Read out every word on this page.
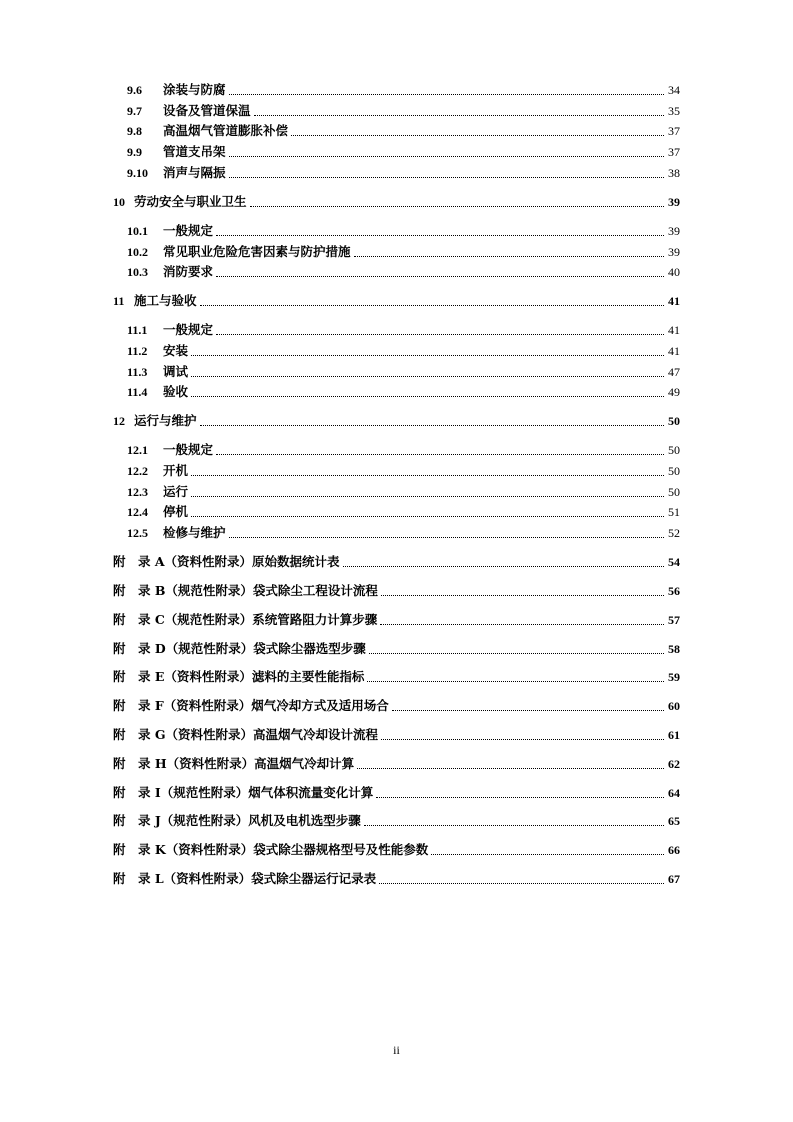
9.6 涂装与防腐	34
9.7 设备及管道保温	35
9.8 高温烟气管道膨胀补偿	37
9.9 管道支吊架	37
9.10 消声与隔振	38
10 劳动安全与职业卫生	39
10.1 一般规定	39
10.2 常见职业危险危害因素与防护措施	39
10.3 消防要求	40
11 施工与验收	41
11.1 一般规定	41
11.2 安装	41
11.3 调试	47
11.4 验收	49
12 运行与维护	50
12.1 一般规定	50
12.2 开机	50
12.3 运行	50
12.4 停机	51
12.5 检修与维护	52
附　录 A（资料性附录）原始数据统计表	54
附　录 B（规范性附录）袋式除尘工程设计流程	56
附　录 C（规范性附录）系统管路阻力计算步骤	57
附　录 D（规范性附录）袋式除尘器选型步骤	58
附　录 E（资料性附录）滤料的主要性能指标	59
附　录 F（资料性附录）烟气冷却方式及适用场合	60
附　录 G（资料性附录）高温烟气冷却设计流程	61
附　录 H（资料性附录）高温烟气冷却计算	62
附　录 I（规范性附录）烟气体积流量变化计算	64
附　录 J（规范性附录）风机及电机选型步骤	65
附　录 K（资料性附录）袋式除尘器规格型号及性能参数	66
附　录 L（资料性附录）袋式除尘器运行记录表	67
ii
